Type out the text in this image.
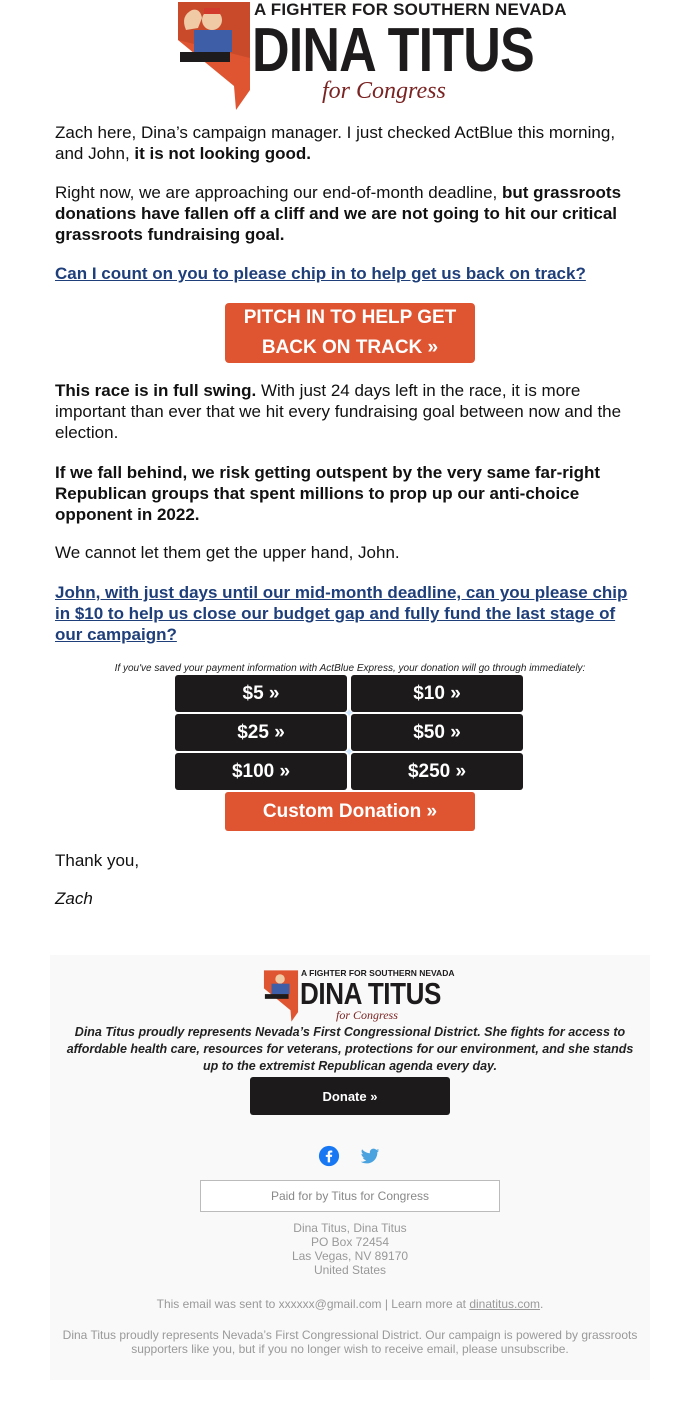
A FIGHTER FOR SOUTHERN NEVADA
DINA TITUS
for Congress

Zach here, Dina’s campaign manager. I just checked ActBlue this morning, and John, it is not looking good.

Right now, we are approaching our end-of-month deadline, but grassroots donations have fallen off a cliff and we are not going to hit our critical grassroots fundraising goal.

Can I count on you to please chip in to help get us back on track?
PITCH IN TO HELP GET
BACK ON TRACK »

This race is in full swing. With just 24 days left in the race, it is more important than ever that we hit every fundraising goal between now and the election.

If we fall behind, we risk getting outspent by the very same far-right Republican groups that spent millions to prop up our anti-choice opponent in 2022.

We cannot let them get the upper hand, John.

John, with just days until our mid-month deadline, can you please chip in $10 to help us close our budget gap and fully fund the last stage of our campaign?
If you've saved your payment information with ActBlue Express, your donation will go through immediately:
$5 »	$10 »
$25 »	$50 »
$100 »	$250 »
✦
✦
Custom Donation »

Thank you,

Zach

A FIGHTER FOR SOUTHERN NEVADA
DINA TITUS
for Congress
Dina Titus proudly represents Nevada’s First Congressional District. She fights for access to affordable health care, resources for veterans, protections for our environment, and she stands up to the extremist Republican agenda every day.
Donate »
Paid for by Titus for Congress
Dina Titus, Dina Titus
PO Box 72454
Las Vegas, NV 89170
United States
This email was sent to xxxxxx@gmail.com | Learn more at dinatitus.com.
Dina Titus proudly represents Nevada’s First Congressional District. Our campaign is powered by grassroots supporters like you, but if you no longer wish to receive email, please unsubscribe.
